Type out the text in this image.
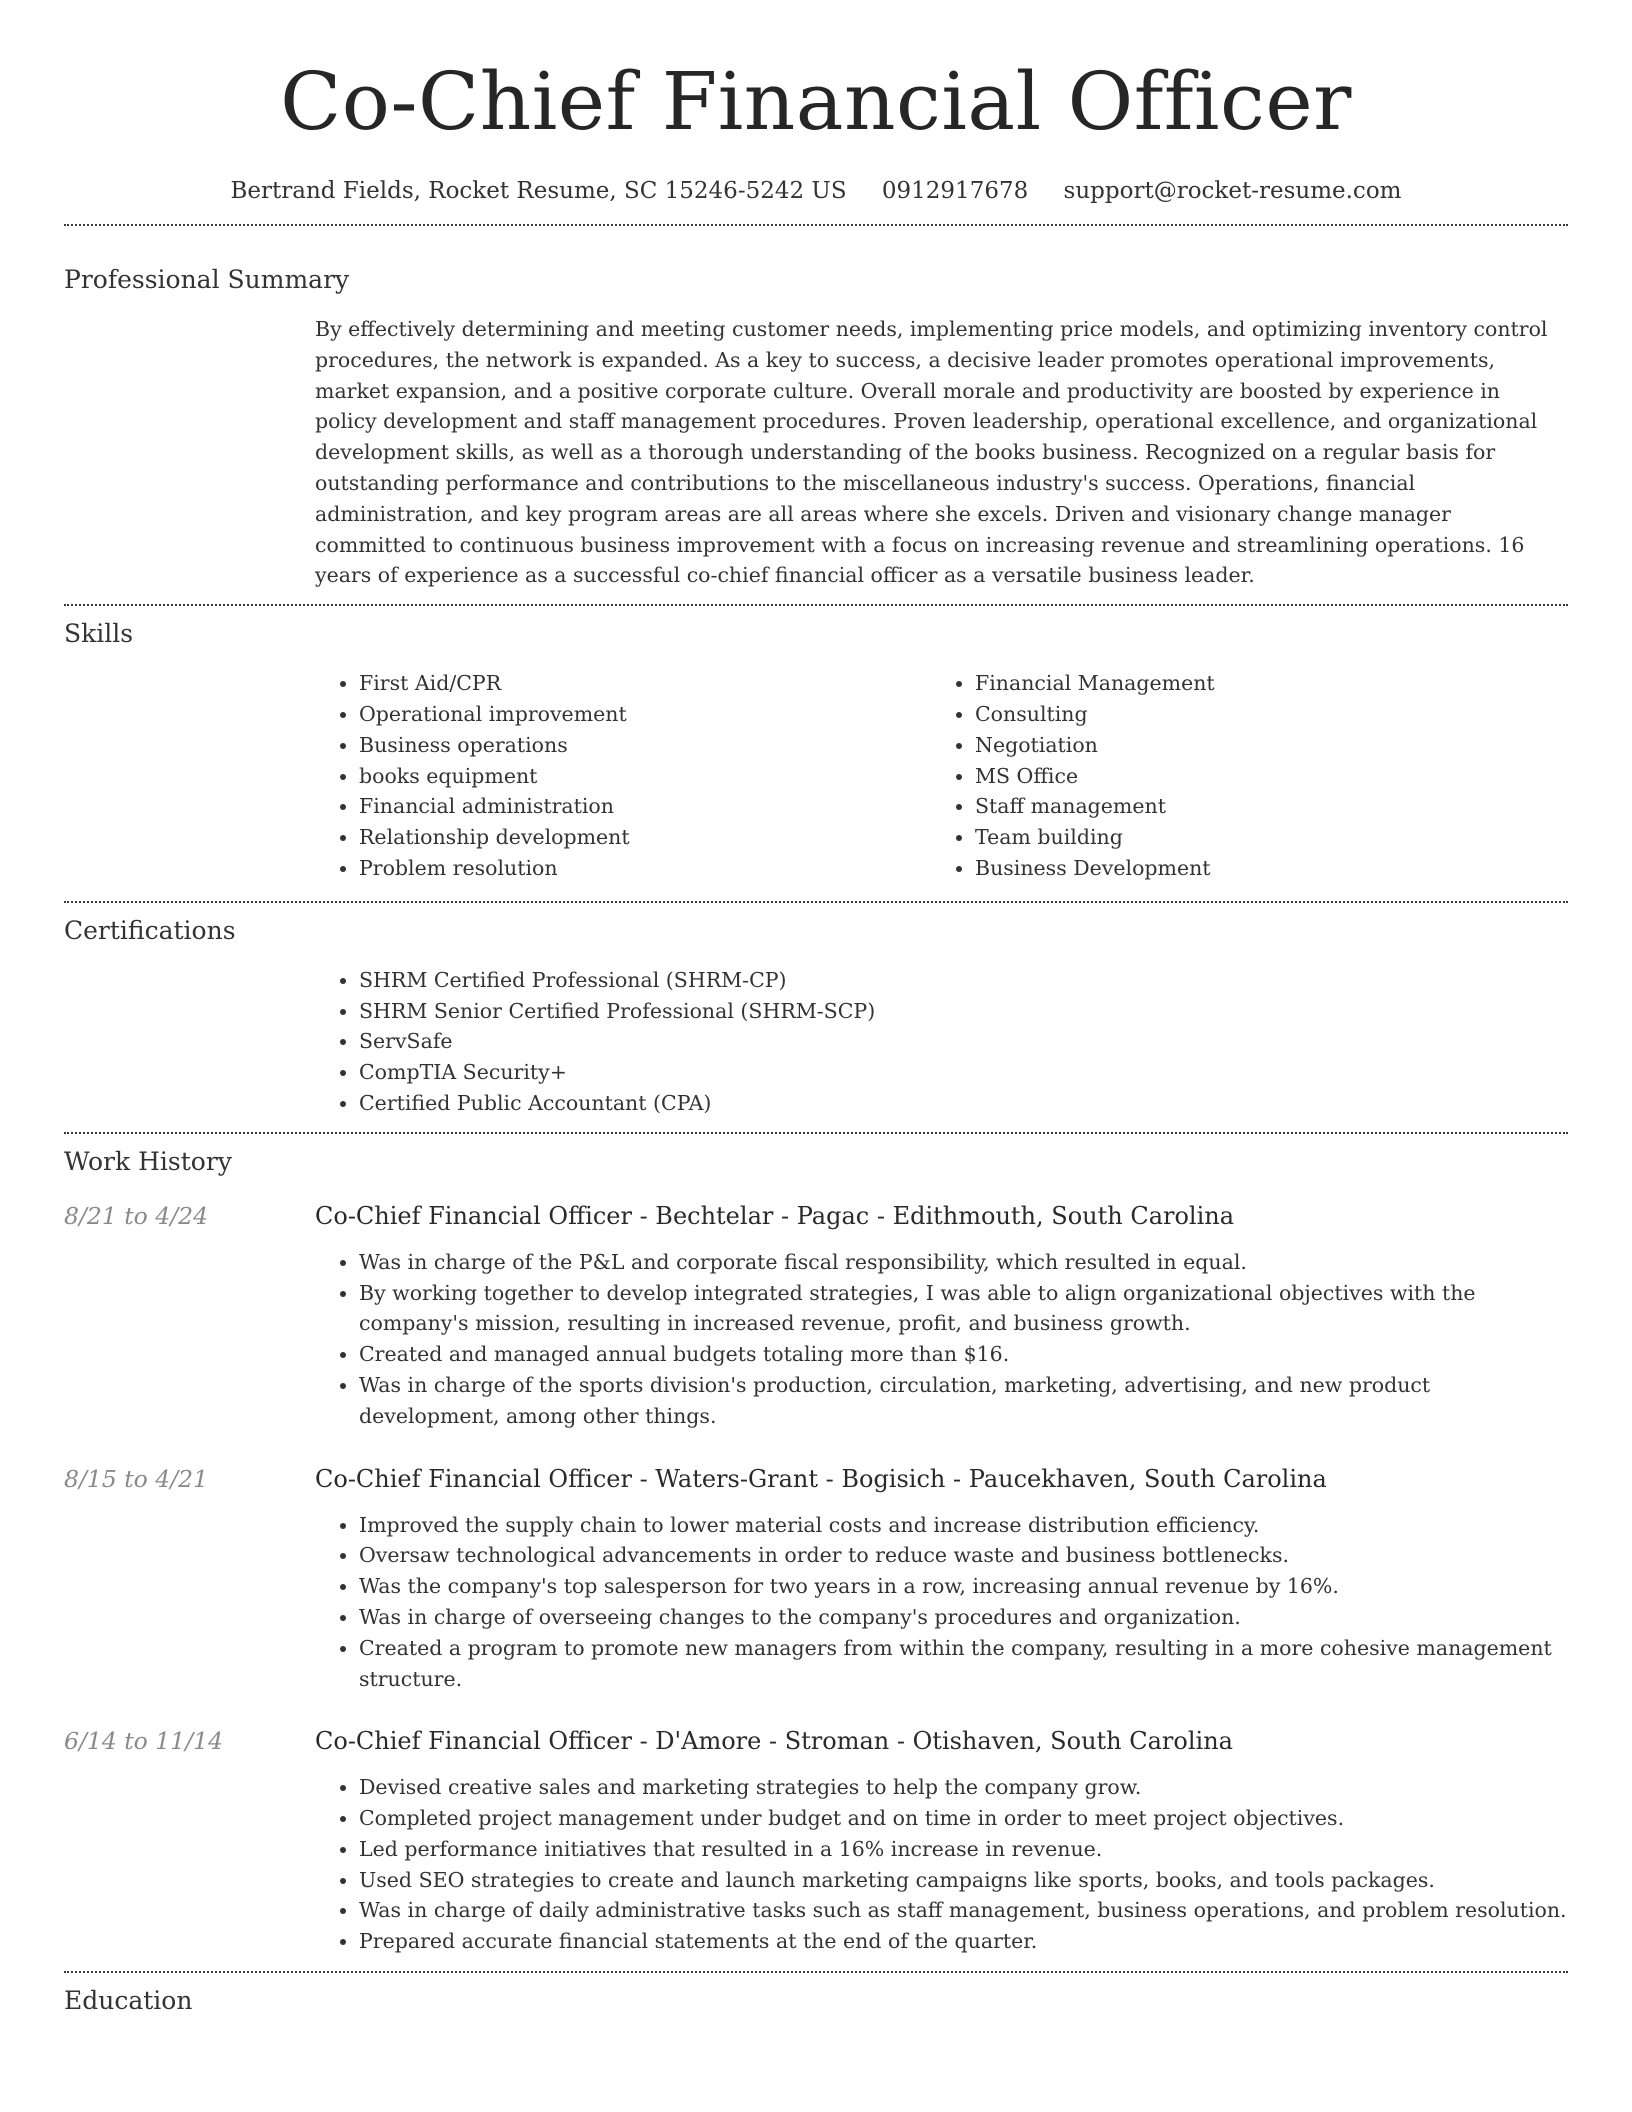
Co-Chief Financial Officer
Bertrand Fields, Rocket Resume, SC 15246-5242 US 0912917678 support@rocket-resume.com
Professional Summary

By effectively determining and meeting customer needs, implementing price models, and optimizing inventory control procedures, the network is expanded. As a key to success, a decisive leader promotes operational improvements, market expansion, and a positive corporate culture. Overall morale and productivity are boosted by experience in policy development and staff management procedures. Proven leadership, operational excellence, and organizational development skills, as well as a thorough understanding of the books business. Recognized on a regular basis for outstanding performance and contributions to the miscellaneous industry's success. Operations, financial administration, and key program areas are all areas where she excels. Driven and visionary change manager committed to continuous business improvement with a focus on increasing revenue and streamlining operations. 16 years of experience as a successful co-chief financial officer as a versatile business leader.

Skills
• First Aid/CPR
• Operational improvement
• Business operations
• books equipment
• Financial administration
• Relationship development
• Problem resolution
• Financial Management
• Consulting
• Negotiation
• MS Office
• Staff management
• Team building
• Business Development
Certifications
• SHRM Certified Professional (SHRM-CP)
• SHRM Senior Certified Professional (SHRM-SCP)
• ServSafe
• CompTIA Security+
• Certified Public Accountant (CPA)
Work History
8/21 to 4/24	Co-Chief Financial Officer - Bechtelar - Pagac - Edithmouth, South Carolina
• Was in charge of the P&L and corporate fiscal responsibility, which resulted in equal.
• By working together to develop integrated strategies, I was able to align organizational objectives with the company's mission, resulting in increased revenue, profit, and business growth.
• Created and managed annual budgets totaling more than $16.
• Was in charge of the sports division's production, circulation, marketing, advertising, and new product development, among other things.
8/15 to 4/21	Co-Chief Financial Officer - Waters-Grant - Bogisich - Paucekhaven, South Carolina
• Improved the supply chain to lower material costs and increase distribution efficiency.
• Oversaw technological advancements in order to reduce waste and business bottlenecks.
• Was the company's top salesperson for two years in a row, increasing annual revenue by 16%.
• Was in charge of overseeing changes to the company's procedures and organization.
• Created a program to promote new managers from within the company, resulting in a more cohesive management structure.
6/14 to 11/14	Co-Chief Financial Officer - D'Amore - Stroman - Otishaven, South Carolina
• Devised creative sales and marketing strategies to help the company grow.
• Completed project management under budget and on time in order to meet project objectives.
• Led performance initiatives that resulted in a 16% increase in revenue.
• Used SEO strategies to create and launch marketing campaigns like sports, books, and tools packages.
• Was in charge of daily administrative tasks such as staff management, business operations, and problem resolution.
• Prepared accurate financial statements at the end of the quarter.
Education
